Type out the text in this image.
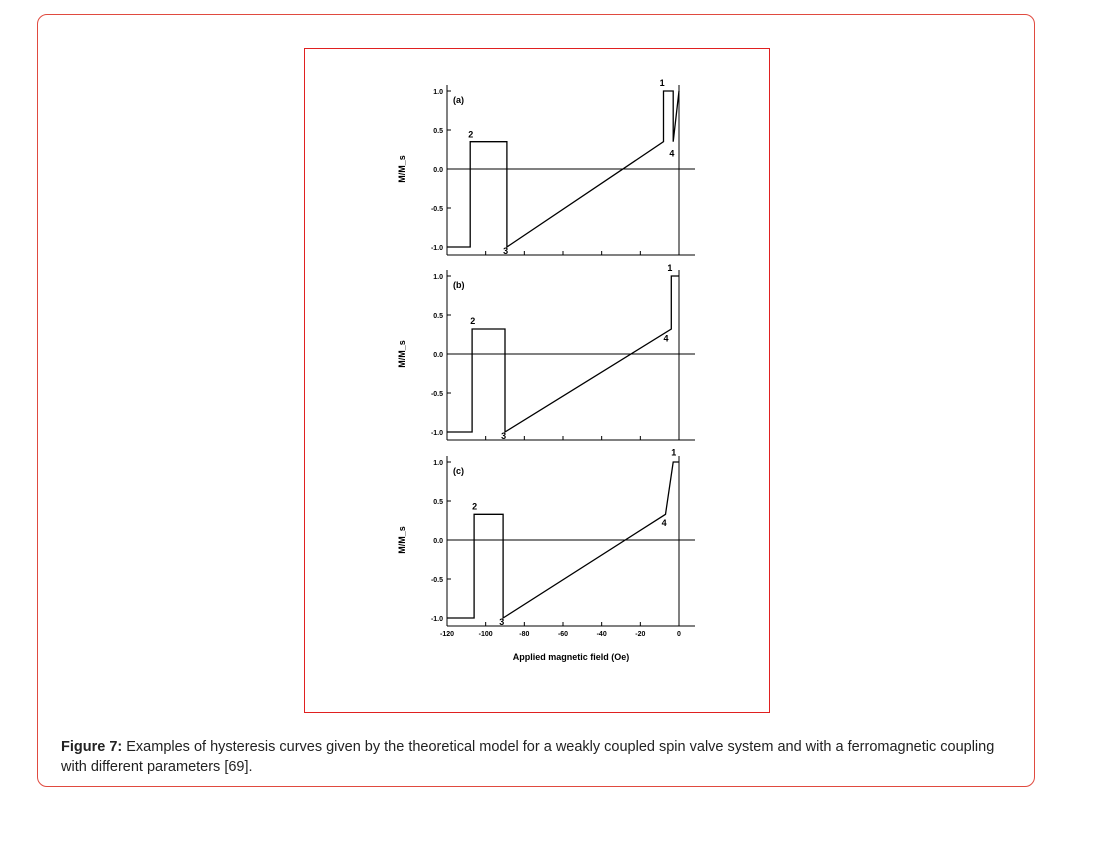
1.0
0.5
0.0
-0.5
-1.0
M/M_s
(a)
1
2
3
4
1.0
0.5
0.0
-0.5
-1.0
M/M_s
(b)
1
2
3
4
1.0
0.5
0.0
-0.5
-1.0
M/M_s
(c)
1
2
3
4
-120	-100	-80	-60	-40	-20	0
Applied magnetic field (Oe)
Figure 7: Examples of hysteresis curves given by the theoretical model for a weakly coupled spin valve system and with a ferromagnetic coupling with different parameters [69].
